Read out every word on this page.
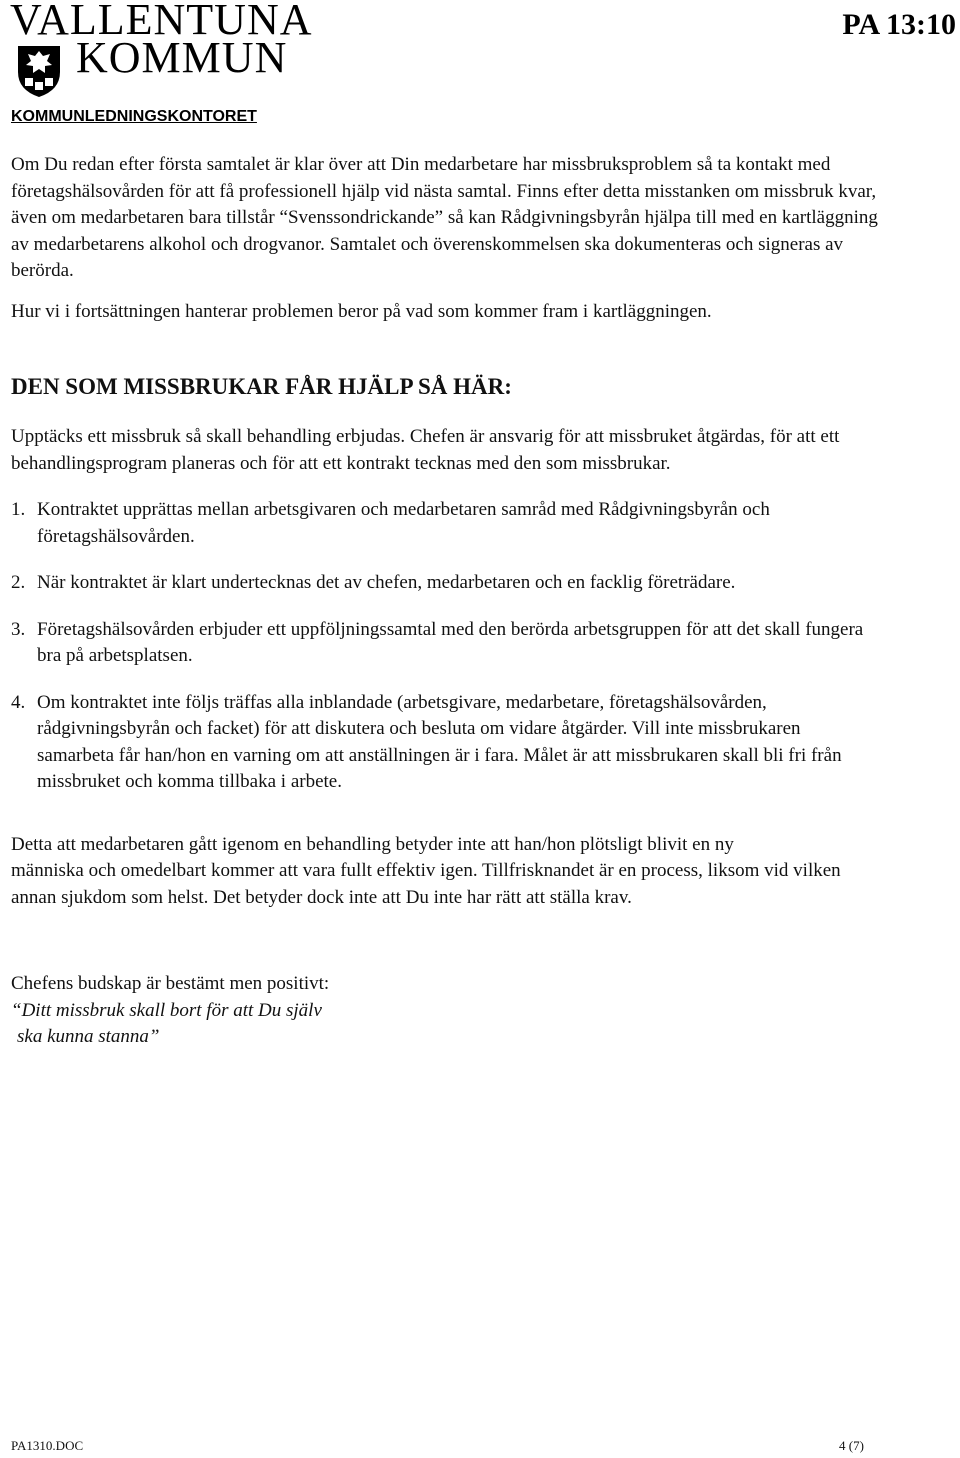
VALLENTUNA
KOMMUN
PA 13:10
KOMMUNLEDNINGSKONTORET

Om Du redan efter första samtalet är klar över att Din medarbetare har missbruksproblem så ta kontakt med företagshälsovården för att få professionell hjälp vid nästa samtal. Finns efter detta misstanken om missbruk kvar, även om medarbetaren bara tillstår “Svenssondrickande” så kan Rådgivningsbyrån hjälpa till med en kartläggning av medarbetarens alkohol och drogvanor. Samtalet och överenskommelsen ska dokumenteras och signeras av berörda.

Hur vi i fortsättningen hanterar problemen beror på vad som kommer fram i kartläggningen.

DEN SOM MISSBRUKAR FÅR HJÄLP SÅ HÄR:

Upptäcks ett missbruk så skall behandling erbjudas. Chefen är ansvarig för att missbruket åtgärdas, för att ett behandlingsprogram planeras och för att ett kontrakt tecknas med den som missbrukar.

1. Kontraktet upprättas mellan arbetsgivaren och medarbetaren samråd med Rådgivningsbyrån och företagshälsovården.
2. När kontraktet är klart undertecknas det av chefen, medarbetaren och en facklig företrädare.
3. Företagshälsovården erbjuder ett uppföljningssamtal med den berörda arbetsgruppen för att det skall fungera bra på arbetsplatsen.
4. Om kontraktet inte följs träffas alla inblandade (arbetsgivare, medarbetare, företagshälsovården, rådgivningsbyrån och facket) för att diskutera och besluta om vidare åtgärder. Vill inte missbrukaren samarbeta får han/hon en varning om att anställningen är i fara. Målet är att missbrukaren skall bli fri från missbruket och komma tillbaka i arbete.

Detta att medarbetaren gått igenom en behandling betyder inte att han/hon plötsligt blivit en ny

människa och omedelbart kommer att vara fullt effektiv igen. Tillfrisknandet är en process, liksom vid vilken annan sjukdom som helst. Det betyder dock inte att Du inte har rätt att ställa krav.

Chefens budskap är bestämt men positivt:

“Ditt missbruk skall bort för att Du själv

ska kunna stanna”

PA1310.DOC	4 (7)
